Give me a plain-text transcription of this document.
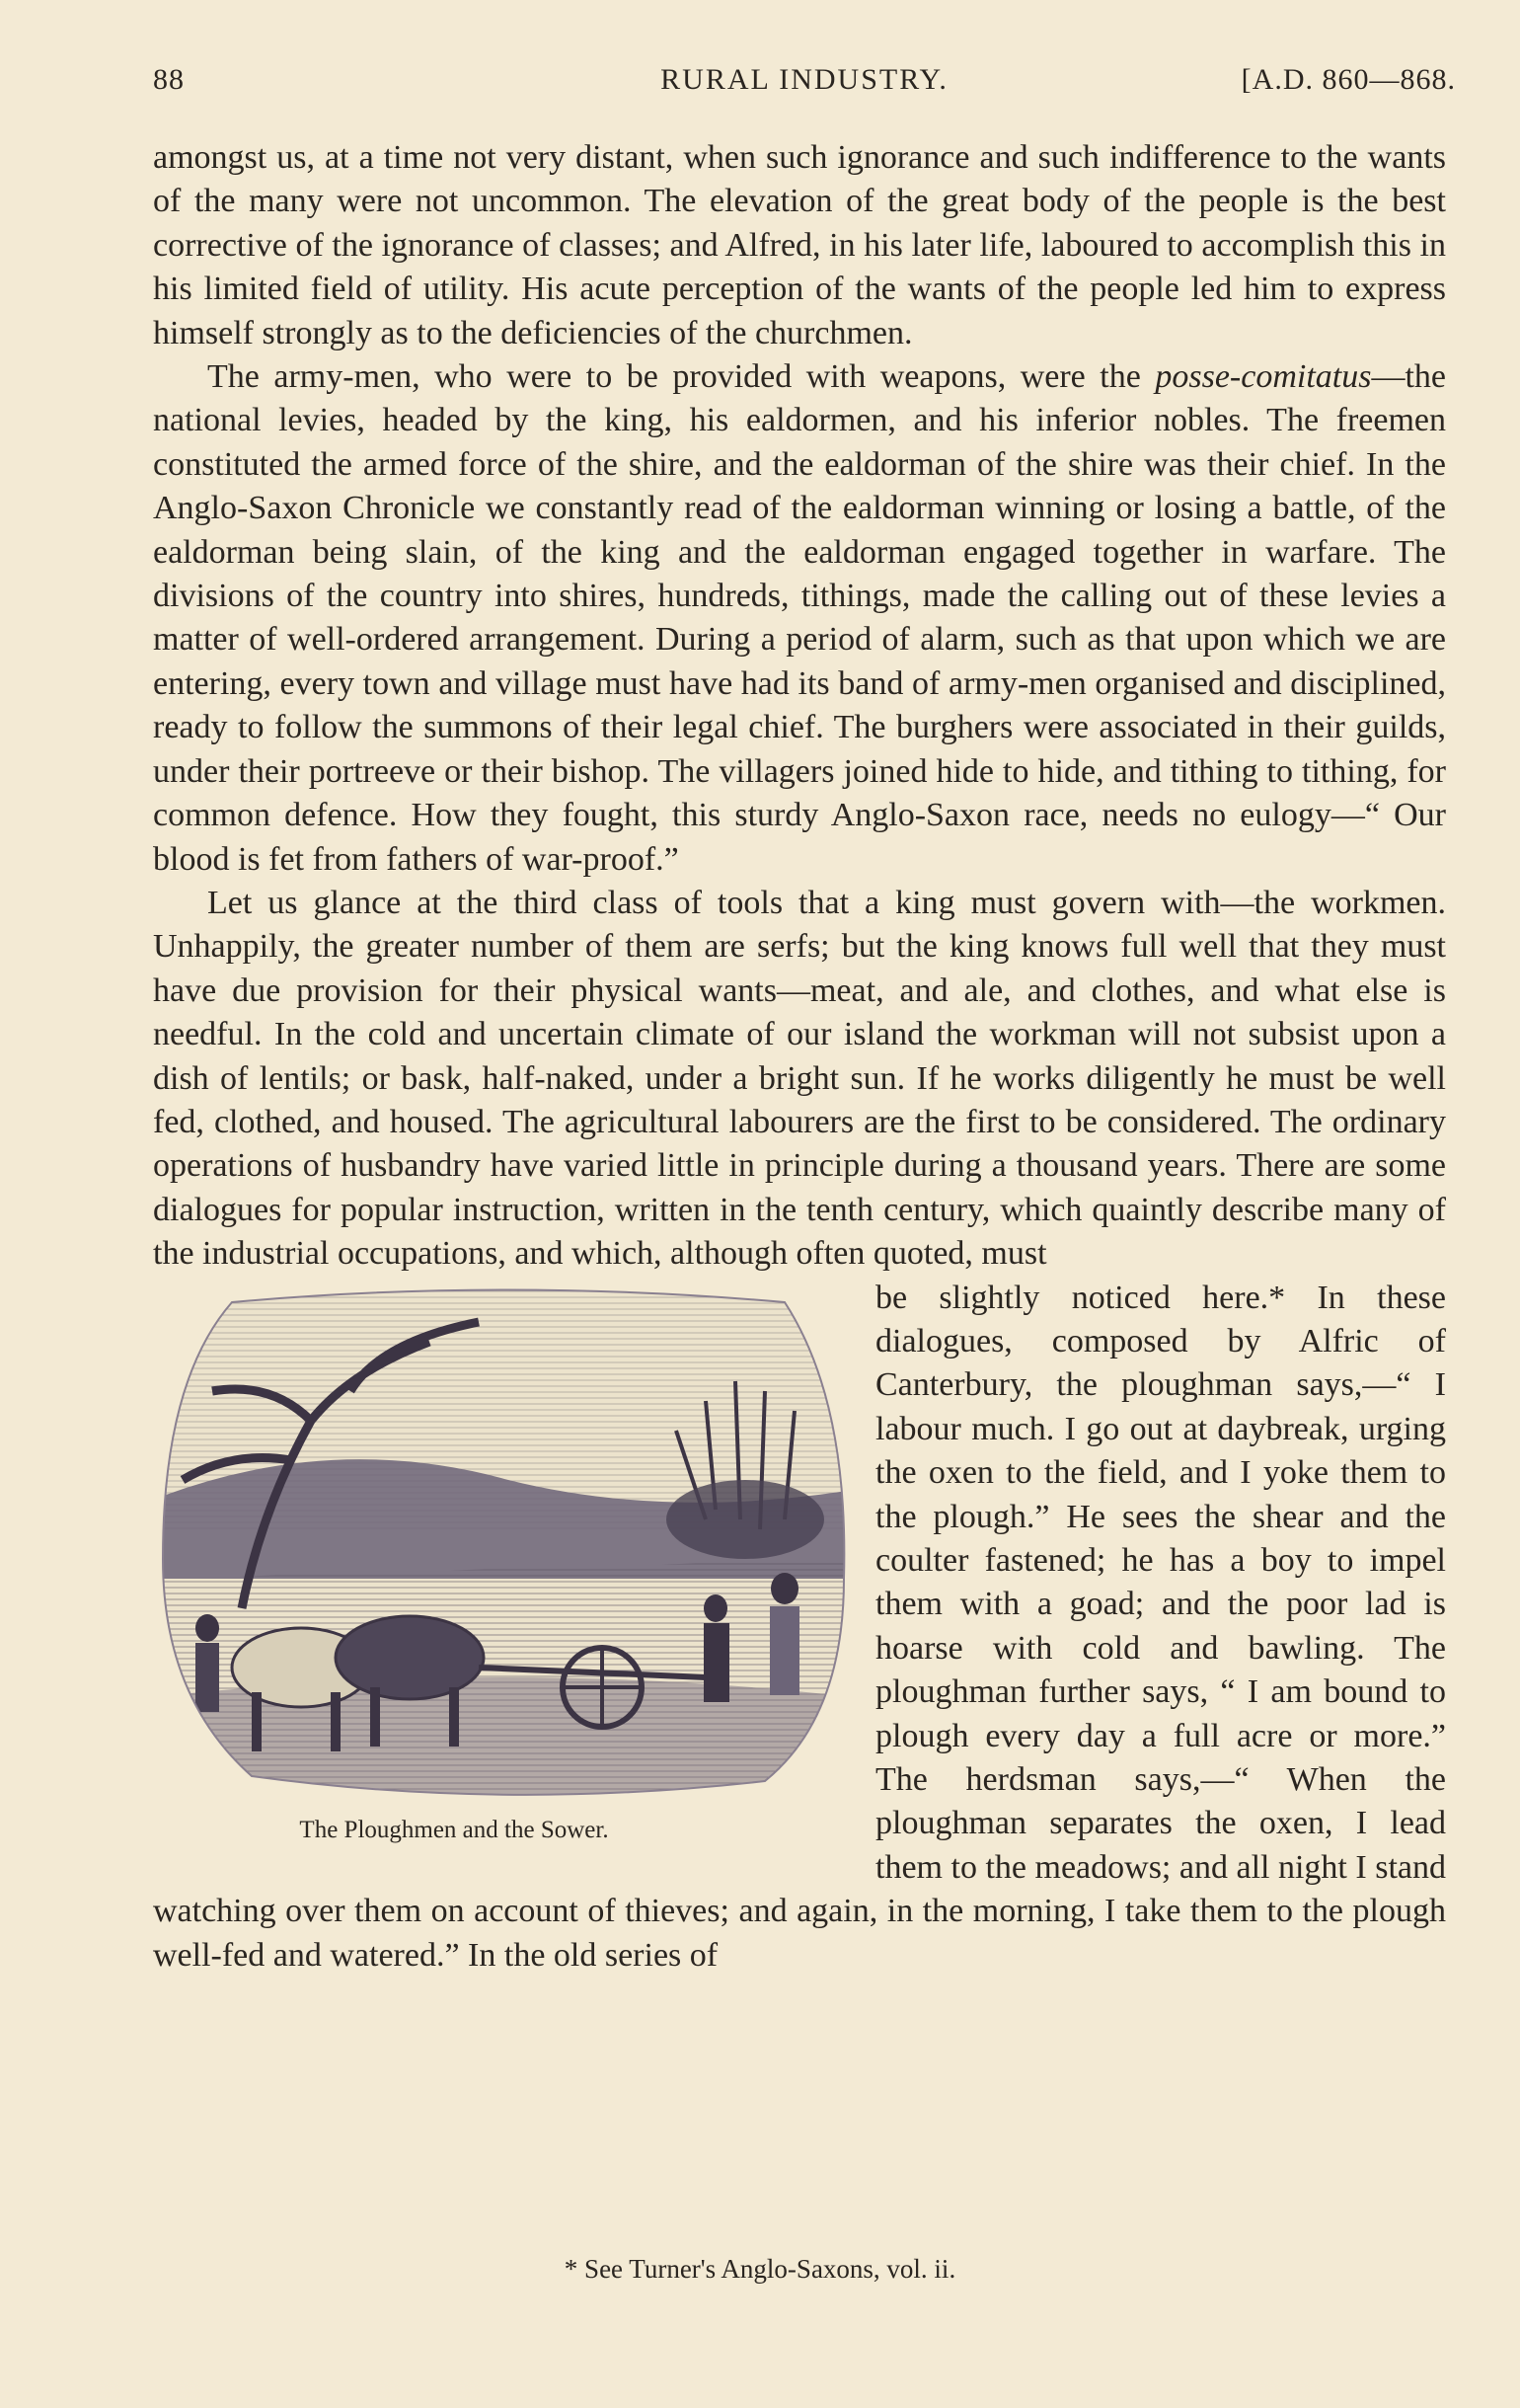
88	RURAL INDUSTRY.	[A.D. 860—868.

amongst us, at a time not very distant, when such ignorance and such indifference to the wants of the many were not uncommon. The elevation of the great body of the people is the best corrective of the ignorance of classes; and Alfred, in his later life, laboured to accomplish this in his limited field of utility. His acute perception of the wants of the people led him to express himself strongly as to the deficiencies of the churchmen.

The army-men, who were to be provided with weapons, were the posse-comitatus—the national levies, headed by the king, his ealdormen, and his inferior nobles. The freemen constituted the armed force of the shire, and the ealdorman of the shire was their chief. In the Anglo-Saxon Chronicle we constantly read of the ealdorman winning or losing a battle, of the ealdorman being slain, of the king and the ealdorman engaged together in warfare. The divisions of the country into shires, hundreds, tithings, made the calling out of these levies a matter of well-ordered arrangement. During a period of alarm, such as that upon which we are entering, every town and village must have had its band of army-men organised and disciplined, ready to follow the summons of their legal chief. The burghers were associated in their guilds, under their portreeve or their bishop. The villagers joined hide to hide, and tithing to tithing, for common defence. How they fought, this sturdy Anglo-Saxon race, needs no eulogy—“ Our blood is fet from fathers of war-proof.”

Let us glance at the third class of tools that a king must govern with—the workmen. Unhappily, the greater number of them are serfs; but the king knows full well that they must have due provision for their physical wants—meat, and ale, and clothes, and what else is needful. In the cold and uncertain climate of our island the workman will not subsist upon a dish of lentils; or bask, half-naked, under a bright sun. If he works diligently he must be well fed, clothed, and housed. The agricultural labourers are the first to be considered. The ordinary operations of husbandry have varied little in principle during a thousand years. There are some dialogues for popular instruction, written in the tenth century, which quaintly describe many of the industrial occupations, and which, although often quoted, must

The Ploughmen and the Sower.

be slightly noticed here.* In these dialogues, composed by Alfric of Canterbury, the ploughman says,—“ I labour much. I go out at daybreak, urging the oxen to the field, and I yoke them to the plough.” He sees the shear and the coulter fastened; he has a boy to impel them with a goad; and the poor lad is hoarse with cold and bawling. The ploughman further says, “ I am bound to plough every day a full acre or more.” The herdsman says,—“ When the ploughman separates the oxen, I lead them to the meadows; and all night I stand watching over them on account of thieves; and again, in the morning, I take them to the plough well-fed and watered.” In the old series of

* See Turner's Anglo-Saxons, vol. ii.
